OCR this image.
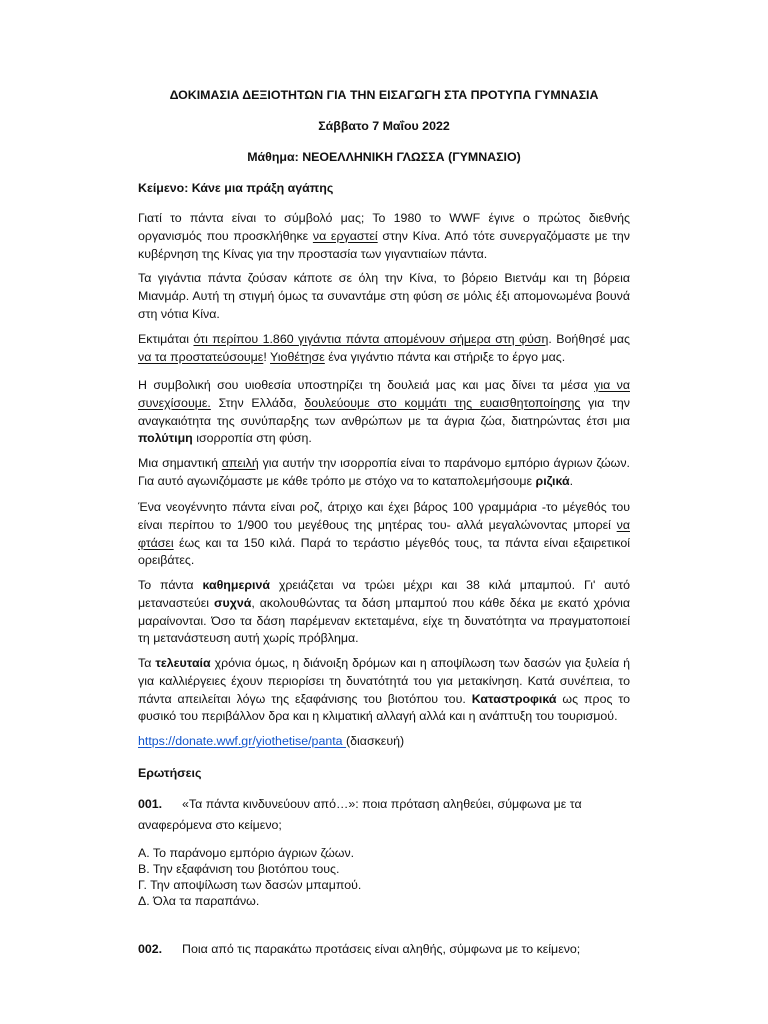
ΔΟΚΙΜΑΣΙΑ ΔΕΞΙΟΤΗΤΩΝ ΓΙΑ ΤΗΝ ΕΙΣΑΓΩΓΗ ΣΤΑ ΠΡΟΤΥΠΑ ΓΥΜΝΑΣΙΑ
Σάββατο 7 Μαΐου 2022
Μάθημα: ΝΕΟΕΛΛΗΝΙΚΗ ΓΛΩΣΣΑ (ΓΥΜΝΑΣΙΟ)
Κείμενο: Κάνε μια πράξη αγάπης

Γιατί το πάντα είναι το σύμβολό μας; Το 1980 το WWF έγινε ο πρώτος διεθνής οργανισμός που προσκλήθηκε να εργαστεί στην Κίνα. Από τότε συνεργαζόμαστε με την κυβέρνηση της Κίνας για την προστασία των γιγαντιαίων πάντα.

Τα γιγάντια πάντα ζούσαν κάποτε σε όλη την Κίνα, το βόρειο Βιετνάμ και τη βόρεια Μιανμάρ. Αυτή τη στιγμή όμως τα συναντάμε στη φύση σε μόλις έξι απομονωμένα βουνά στη νότια Κίνα.

Εκτιμάται ότι περίπου 1.860 γιγάντια πάντα απομένουν σήμερα στη φύση. Βοήθησέ μας να τα προστατεύσουμε! Υιοθέτησε ένα γιγάντιο πάντα και στήριξε το έργο μας.

Η συμβολική σου υιοθεσία υποστηρίζει τη δουλειά μας και μας δίνει τα μέσα για να συνεχίσουμε. Στην Ελλάδα, δουλεύουμε στο κομμάτι της ευαισθητοποίησης για την αναγκαιότητα της συνύπαρξης των ανθρώπων με τα άγρια ζώα, διατηρώντας έτσι μια πολύτιμη ισορροπία στη φύση.

Μια σημαντική απειλή για αυτήν την ισορροπία είναι το παράνομο εμπόριο άγριων ζώων. Για αυτό αγωνιζόμαστε με κάθε τρόπο με στόχο να το καταπολεμήσουμε ριζικά.

Ένα νεογέννητο πάντα είναι ροζ, άτριχο και έχει βάρος 100 γραμμάρια -το μέγεθός του είναι περίπου το 1/900 του μεγέθους της μητέρας του- αλλά μεγαλώνοντας μπορεί να φτάσει έως και τα 150 κιλά. Παρά το τεράστιο μέγεθός τους, τα πάντα είναι εξαιρετικοί ορειβάτες.

Το πάντα καθημερινά χρειάζεται να τρώει μέχρι και 38 κιλά μπαμπού. Γι' αυτό μεταναστεύει συχνά, ακολουθώντας τα δάση μπαμπού που κάθε δέκα με εκατό χρόνια μαραίνονται. Όσο τα δάση παρέμεναν εκτεταμένα, είχε τη δυνατότητα να πραγματοποιεί τη μετανάστευση αυτή χωρίς πρόβλημα.

Τα τελευταία χρόνια όμως, η διάνοιξη δρόμων και η αποψίλωση των δασών για ξυλεία ή για καλλιέργειες έχουν περιορίσει τη δυνατότητά του για μετακίνηση. Κατά συνέπεια, το πάντα απειλείται λόγω της εξαφάνισης του βιοτόπου του. Καταστροφικά ως προς το φυσικό του περιβάλλον δρα και η κλιματική αλλαγή αλλά και η ανάπτυξη του τουρισμού.

https://donate.wwf.gr/yiothetise/panta (διασκευή)

Ερωτήσεις
001. «Τα πάντα κινδυνεύουν από…»: ποια πρόταση αληθεύει, σύμφωνα με τα αναφερόμενα στο κείμενο;
Α. Το παράνομο εμπόριο άγριων ζώων.
Β. Την εξαφάνιση του βιοτόπου τους.
Γ. Την αποψίλωση των δασών μπαμπού.
Δ. Όλα τα παραπάνω.
002. Ποια από τις παρακάτω προτάσεις είναι αληθής, σύμφωνα με το κείμενο;
